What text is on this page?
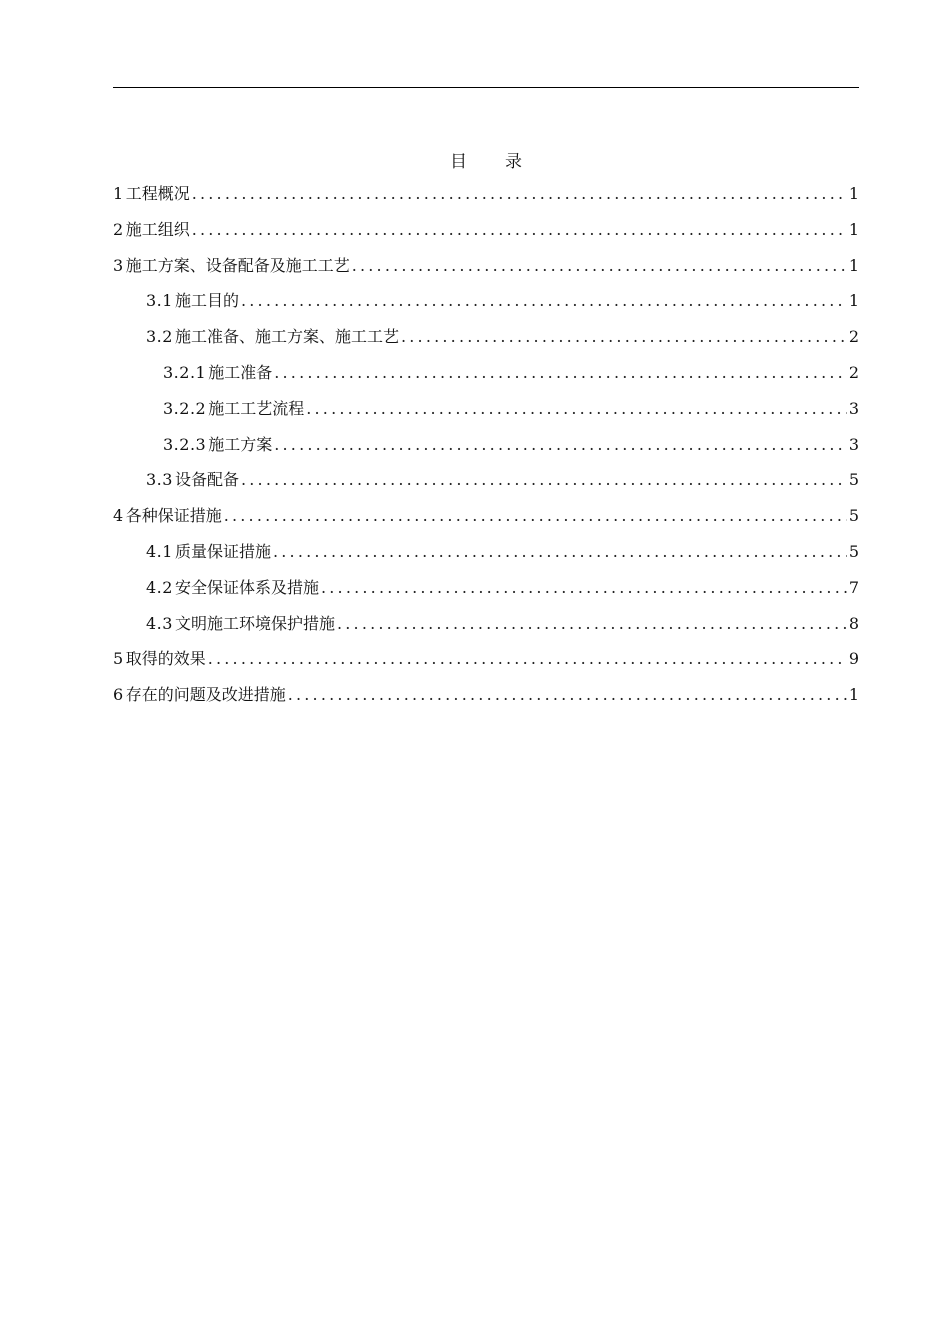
目 录
1 工程概况 .....	1
2 施工组织 .....	1
3 施工方案、设备配备及施工工艺 .....	1
3.1 施工目的 .....	1
3.2 施工准备、施工方案、施工工艺 .....	2
3.2.1 施工准备 .....	2
3.2.2 施工工艺流程 .....	3
3.2.3 施工方案 .....	3
3.3 设备配备 .....	5
4 各种保证措施 .....	5
4.1 质量保证措施 .....	5
4.2 安全保证体系及措施 .....	7
4.3 文明施工环境保护措施 .....	8
5 取得的效果 .....	9
6 存在的问题及改进措施 .....	1
